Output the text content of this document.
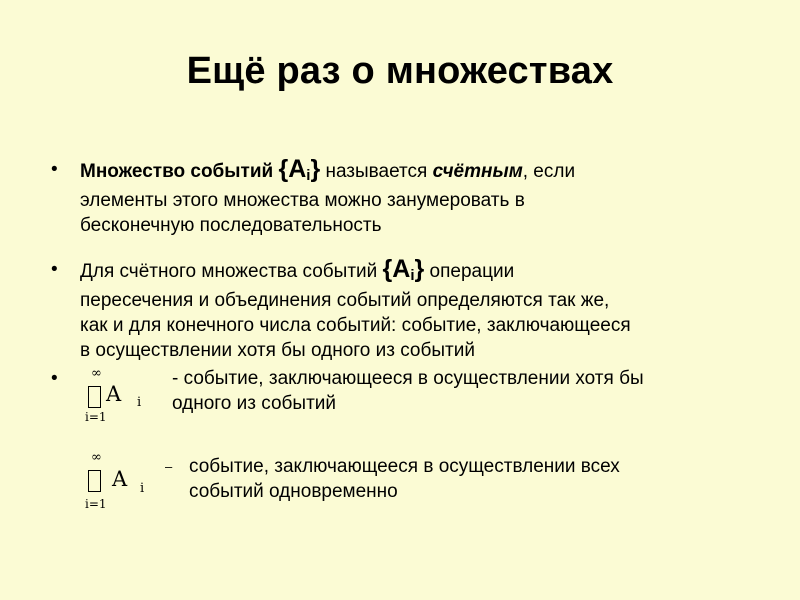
Ещё раз о множествах
• Множество событий $\{A_i\}$ называется счётным, если

элементы этого множества можно занумеровать в

бесконечную последовательность

• Для счётного множества событий $\{A_i\}$ операции

пересечения и объединения событий определяются так же,

как и для конечного числа событий: событие, заключающееся

в осуществлении хотя бы одного из событий

•	∞
A i
i=1
- событие, заключающееся в осуществлении хотя бы
одного из событий
∞
A i
i=1
– событие, заключающееся в осуществлении всех
событий одновременно
